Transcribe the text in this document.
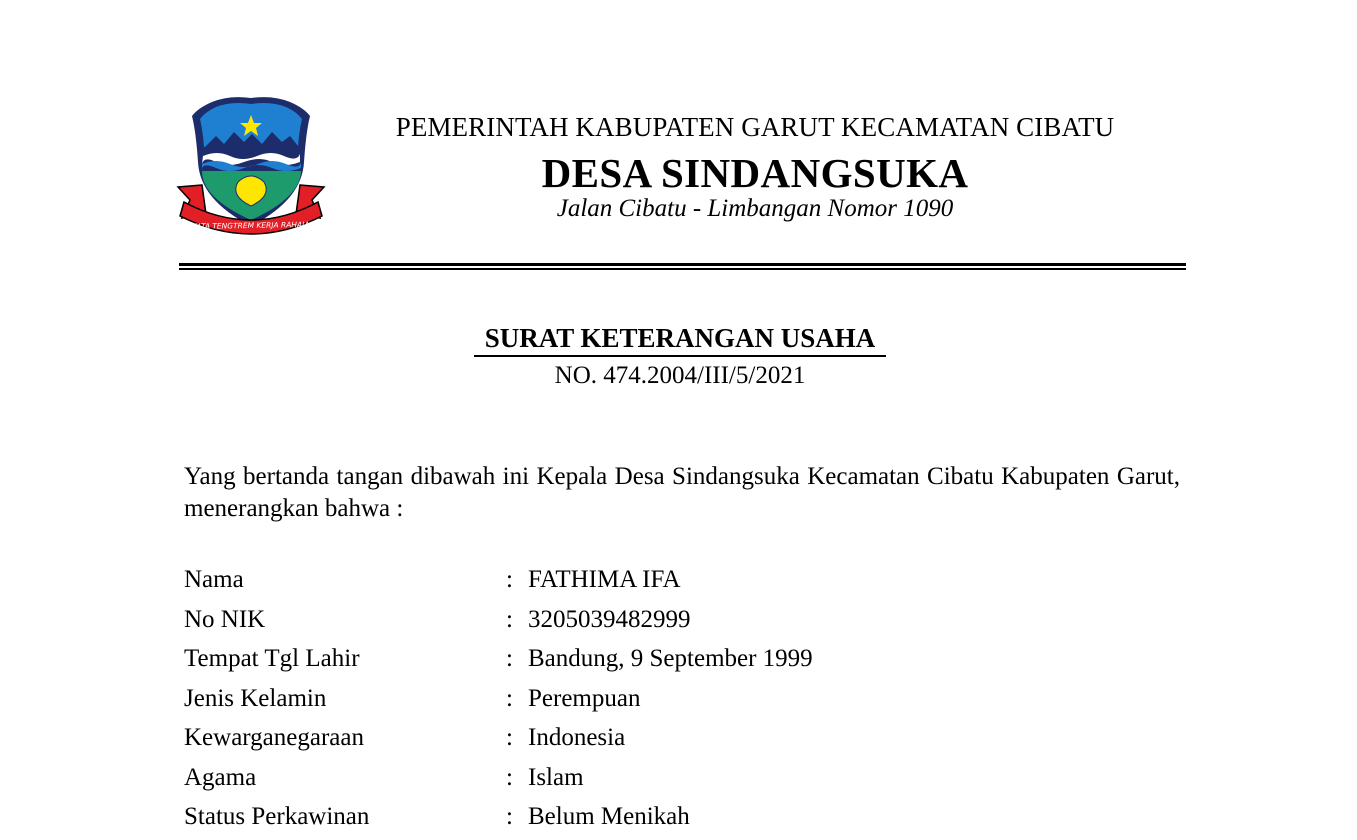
TATA TENGTREM KERJA RAHAJA
PEMERINTAH KABUPATEN GARUT KECAMATAN CIBATU
DESA SINDANGSUKA
Jalan Cibatu - Limbangan Nomor 1090
SURAT KETERANGAN USAHA
NO. 474.2004/III/5/2021

Yang bertanda tangan dibawah ini Kepala Desa Sindangsuka Kecamatan Cibatu Kabupaten Garut, menerangkan bahwa :

Nama	: FATHIMA IFA
No NIK	: 3205039482999
Tempat Tgl Lahir	: Bandung, 9 September 1999
Jenis Kelamin	: Perempuan
Kewarganegaraan	: Indonesia
Agama	: Islam
Status Perkawinan	: Belum Menikah
